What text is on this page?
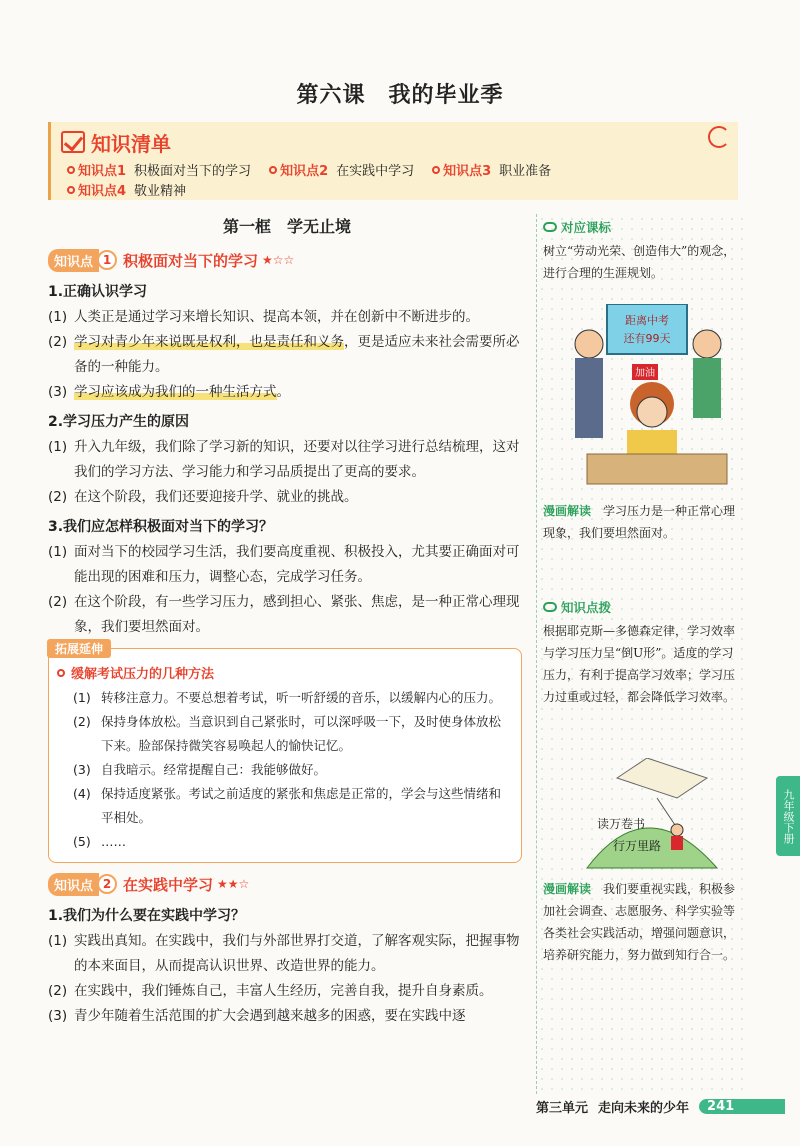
第六课　我的毕业季
知识清单
知识点1 积极面对当下的学习 知识点2 在实践中学习 知识点3 职业准备
知识点4 敬业精神
第一框　学无止境
知识点 1 积极面对当下的学习 ★☆☆
1.正确认识学习
(1) 人类正是通过学习来增长知识、提高本领，并在创新中不断进步的。
(2) 学习对青少年来说既是权利，也是责任和义务，更是适应未来社会需要所必备的一种能力。
(3) 学习应该成为我们的一种生活方式。
2.学习压力产生的原因
(1) 升入九年级，我们除了学习新的知识，还要对以往学习进行总结梳理，这对我们的学习方法、学习能力和学习品质提出了更高的要求。
(2) 在这个阶段，我们还要迎接升学、就业的挑战。
3.我们应怎样积极面对当下的学习？
(1) 面对当下的校园学习生活，我们要高度重视、积极投入，尤其要正确面对可能出现的困难和压力，调整心态，完成学习任务。
(2) 在这个阶段，有一些学习压力，感到担心、紧张、焦虑，是一种正常心理现象，我们要坦然面对。
拓展延伸
缓解考试压力的几种方法
(1) 转移注意力。不要总想着考试，听一听舒缓的音乐，以缓解内心的压力。
(2) 保持身体放松。当意识到自己紧张时，可以深呼吸一下，及时使身体放松下来。脸部保持微笑容易唤起人的愉快记忆。
(3) 自我暗示。经常提醒自己：我能够做好。
(4) 保持适度紧张。考试之前适度的紧张和焦虑是正常的，学会与这些情绪和平相处。
(5) ……
知识点 2 在实践中学习 ★★☆
1.我们为什么要在实践中学习？
(1) 实践出真知。在实践中，我们与外部世界打交道，了解客观实际，把握事物的本来面目，从而提高认识世界、改造世界的能力。
(2) 在实践中，我们锤炼自己，丰富人生经历，完善自我，提升自身素质。
(3) 青少年随着生活范围的扩大会遇到越来越多的困惑，要在实践中逐
对应课标
树立“劳动光荣、创造伟大”的观念，进行合理的生涯规划。
距离中考
还有99天
加油
漫画解读　 学习压力是一种正常心理现象，我们要坦然面对。
知识点拨
根据耶克斯—多德森定律，学习效率与学习压力呈“倒U形”。适度的学习压力，有利于提高学习效率；学习压力过重或过轻，都会降低学习效率。
读万卷书
行万里路
漫画解读　 我们要重视实践，积极参加社会调查、志愿服务、科学实验等各类社会实践活动，增强问题意识，培养研究能力，努力做到知行合一。
九年级下册
第三单元 走向未来的少年	241
